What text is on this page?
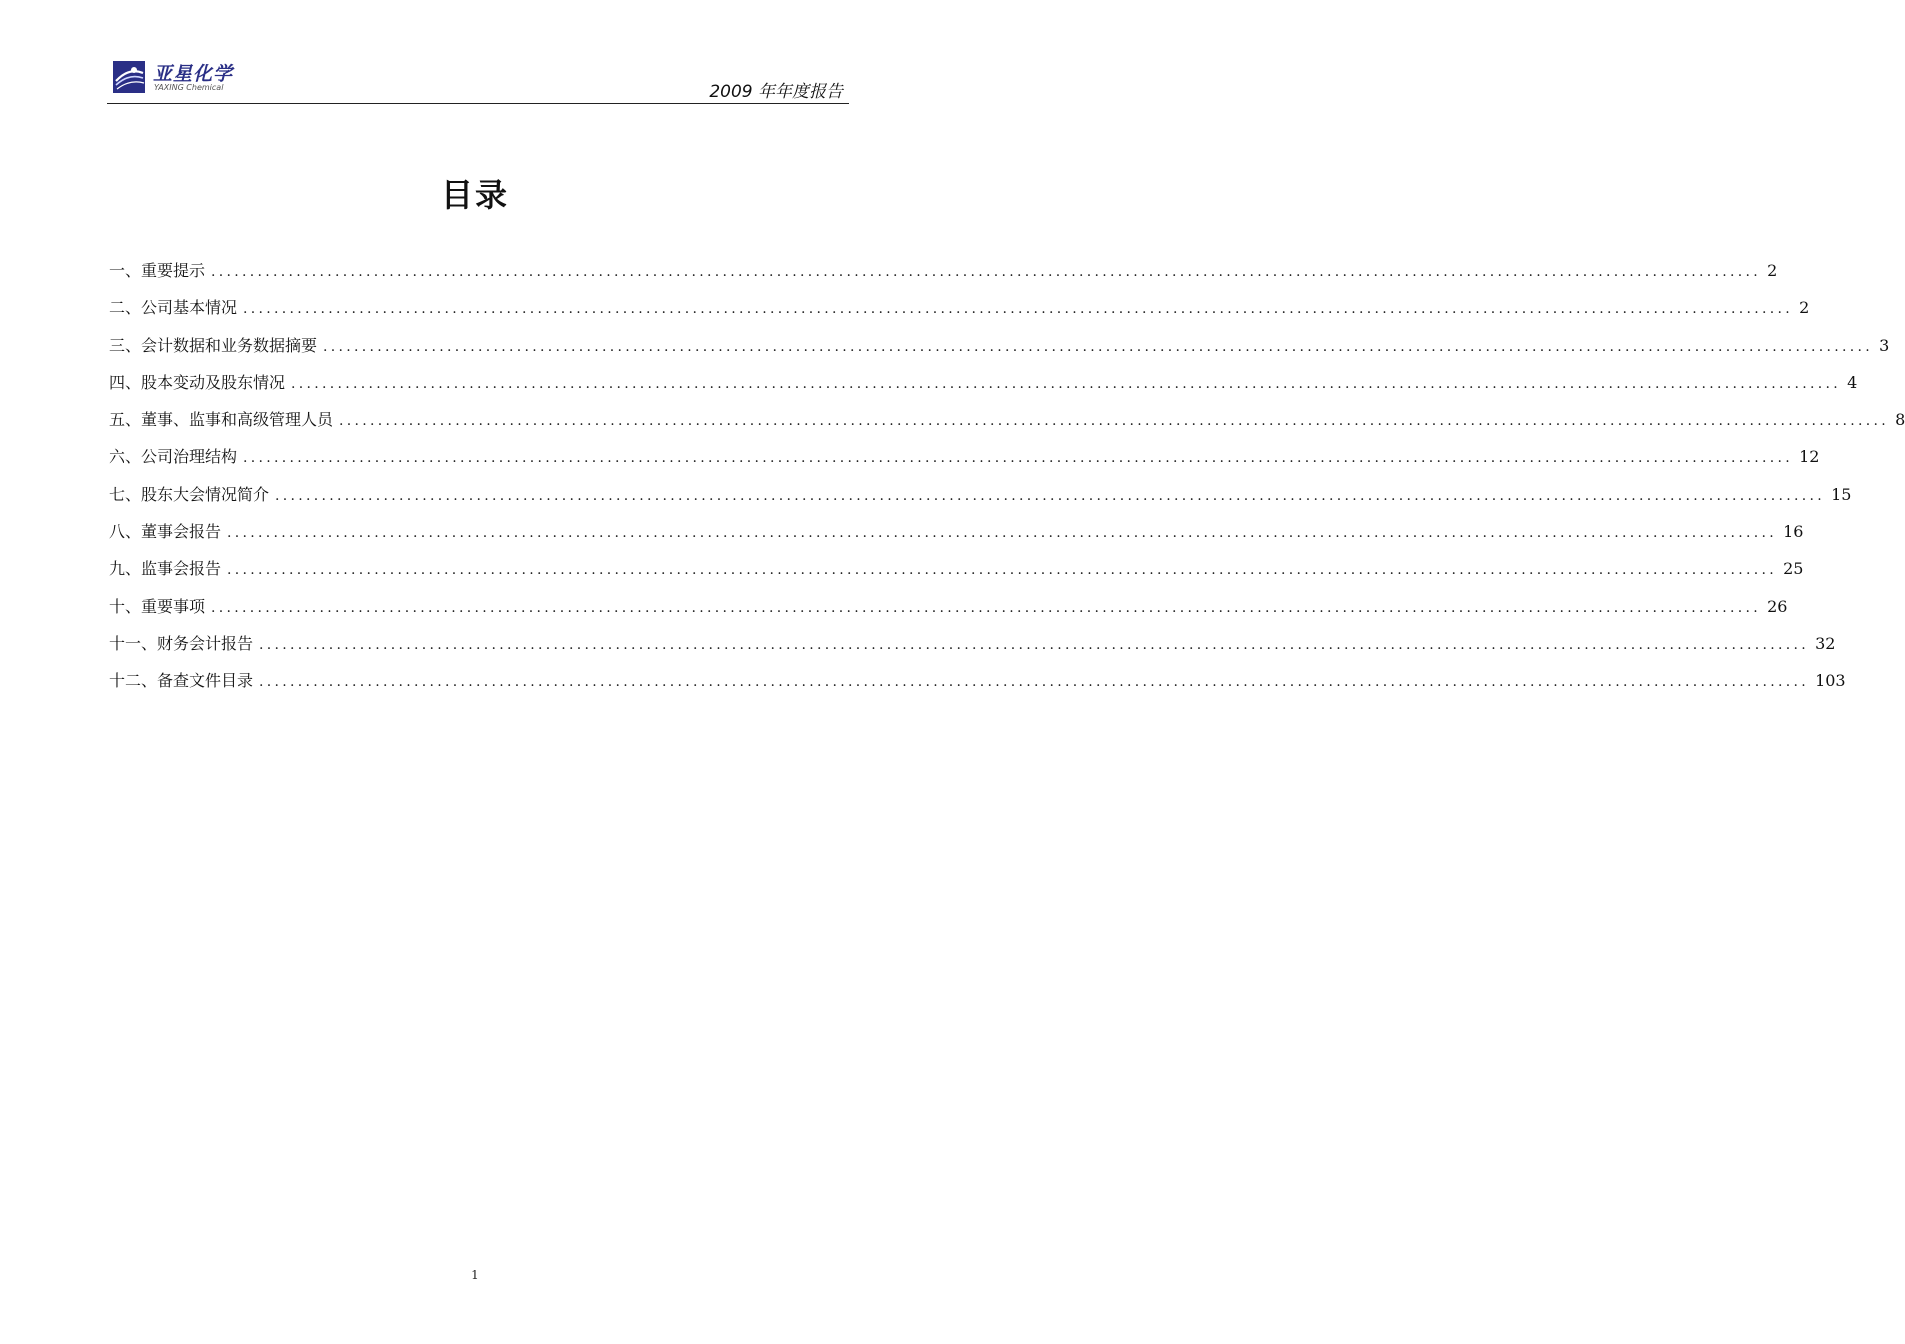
亚星化学
YAXING Chemical	2009 年年度报告
目录
一、重要提示 ........................................................................................................................................................................................................ 2
二、公司基本情况 ........................................................................................................................................................................................................ 2
三、会计数据和业务数据摘要 ........................................................................................................................................................................................................ 3
四、股本变动及股东情况 ........................................................................................................................................................................................................ 4
五、董事、监事和高级管理人员 ........................................................................................................................................................................................................ 8
六、公司治理结构 ........................................................................................................................................................................................................ 12
七、股东大会情况简介 ........................................................................................................................................................................................................ 15
八、董事会报告 ........................................................................................................................................................................................................ 16
九、监事会报告 ........................................................................................................................................................................................................ 25
十、重要事项 ........................................................................................................................................................................................................ 26
十一、财务会计报告 ........................................................................................................................................................................................................ 32
十二、备查文件目录 ........................................................................................................................................................................................................ 103
1
